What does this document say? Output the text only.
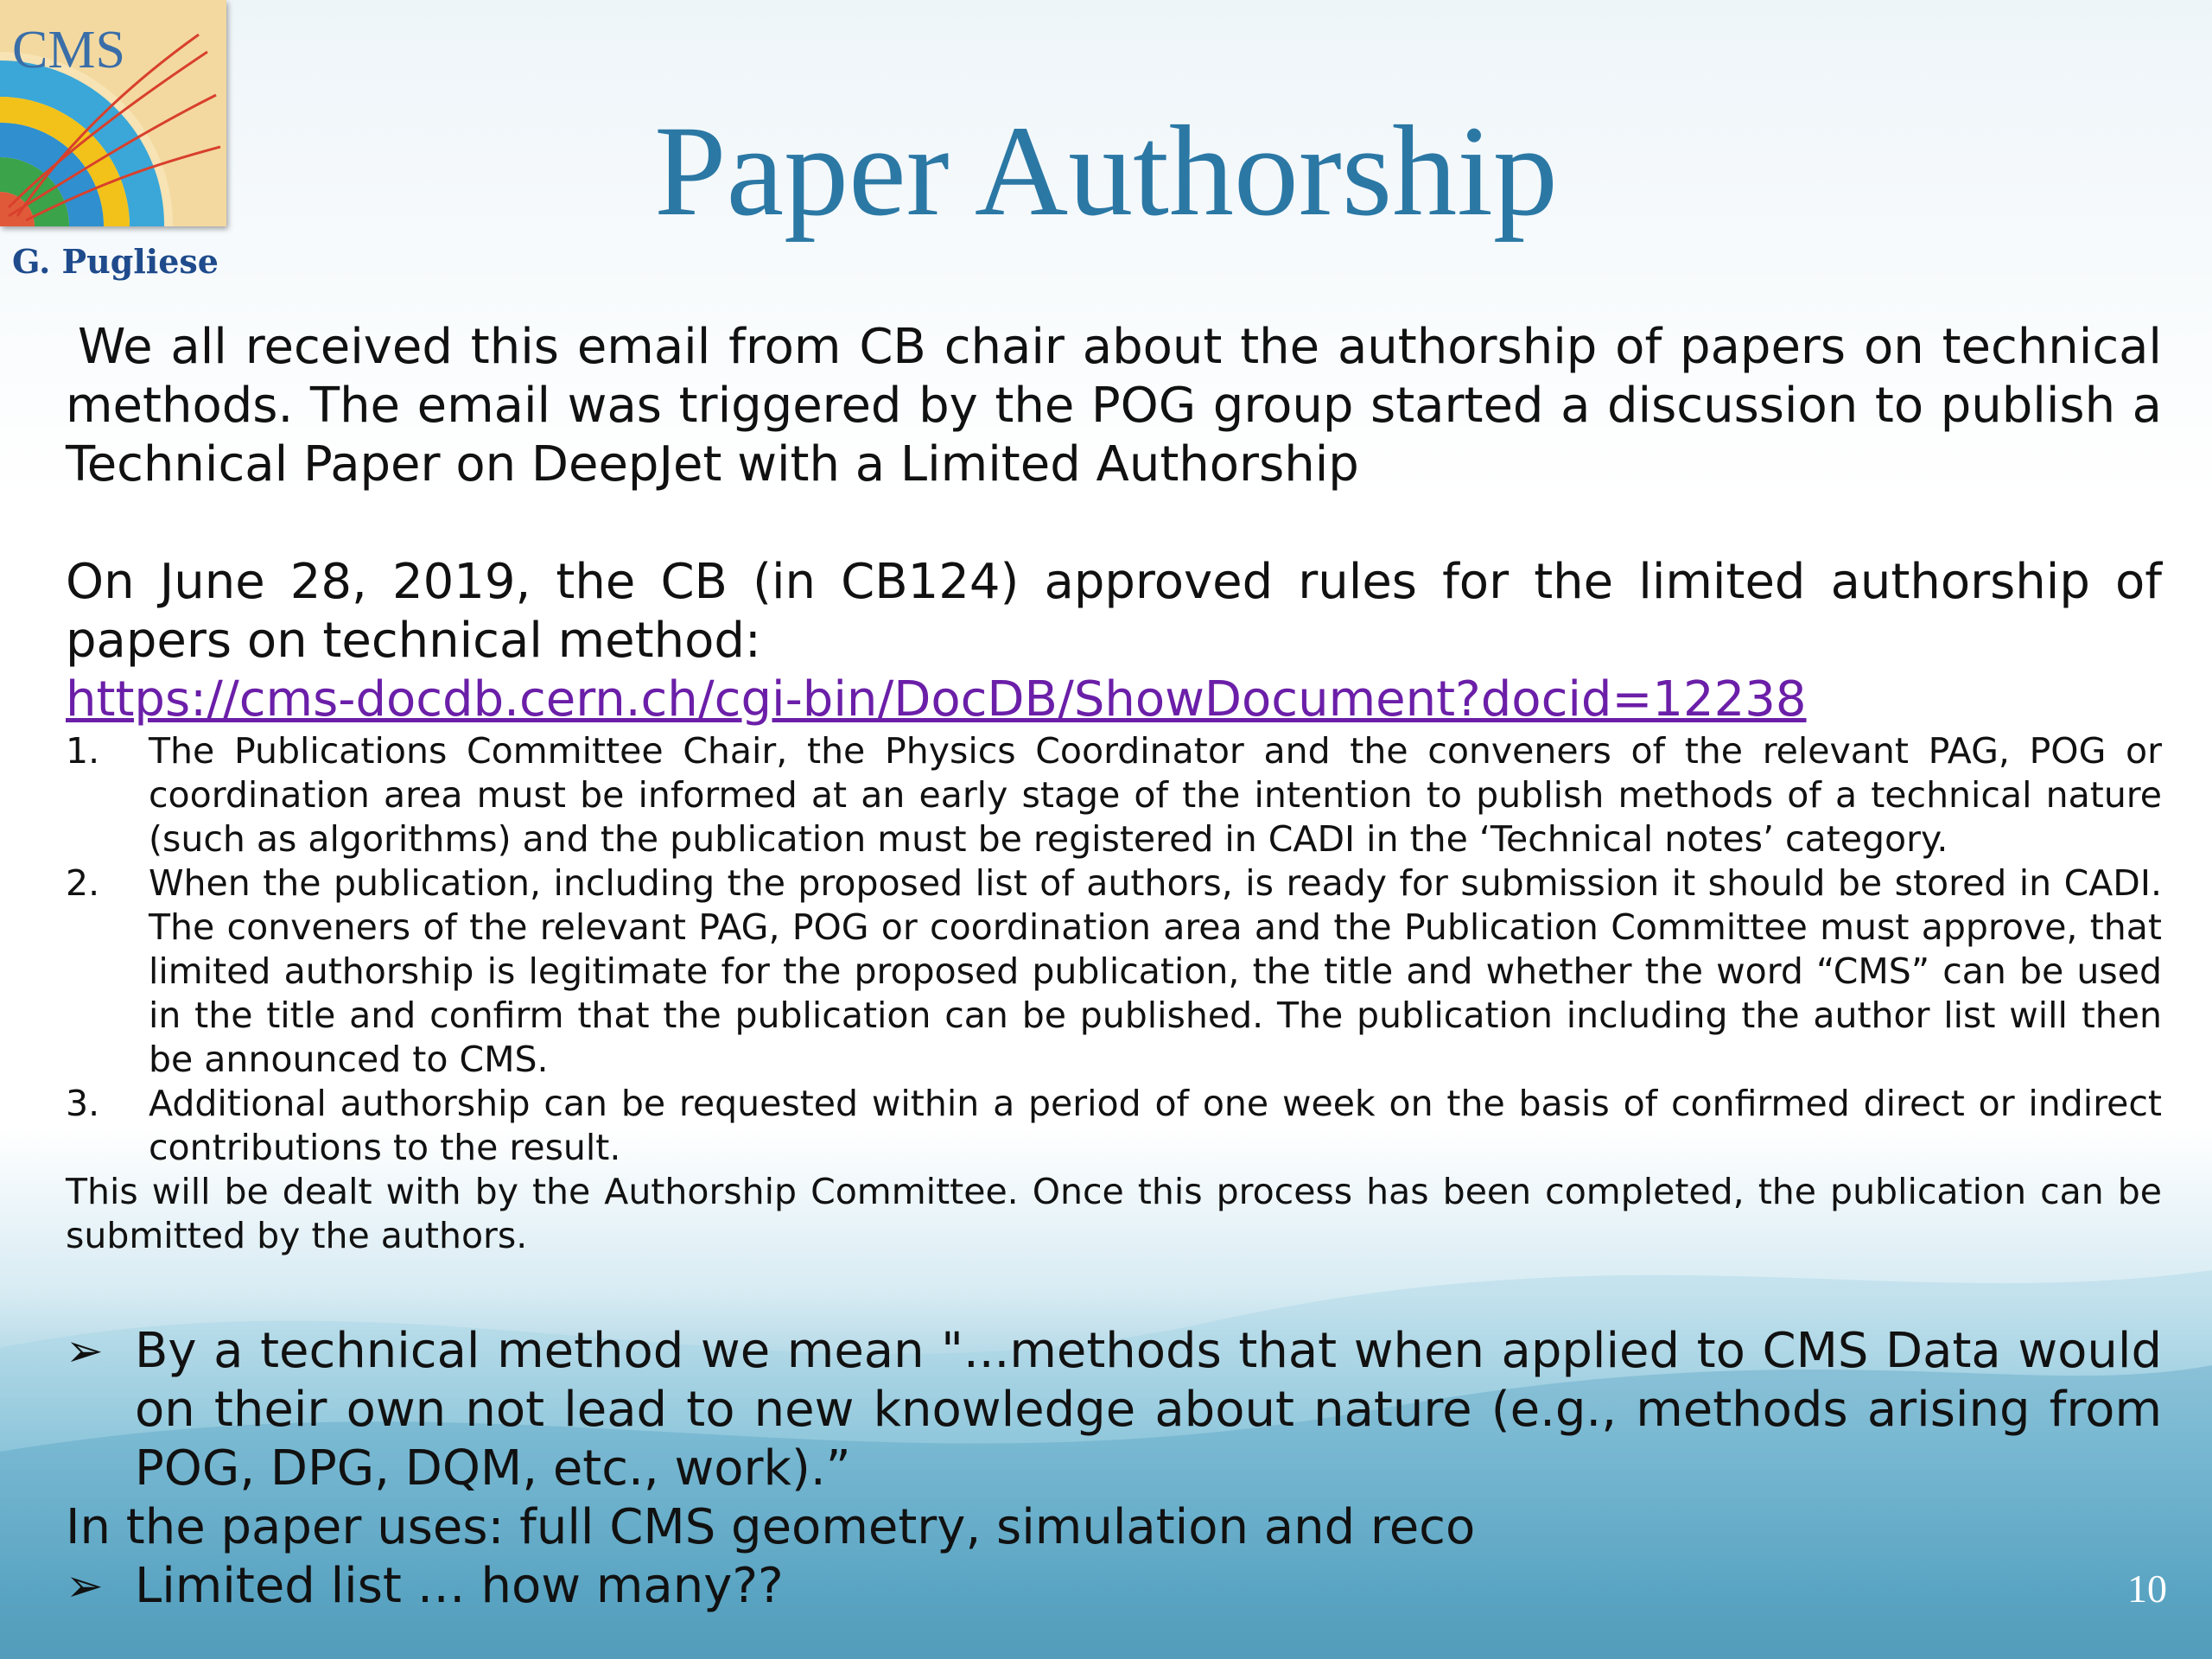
CMS
G. Pugliese
Paper Authorship

We all received this email from CB chair about the authorship of papers on technical methods. The email was triggered by the POG group started a discussion to publish a Technical Paper on DeepJet with a Limited Authorship

On June 28, 2019, the CB (in CB124) approved rules for the limited authorship of papers on technical method:

https://cms-docdb.cern.ch/cgi-bin/DocDB/ShowDocument?docid=12238
1. The Publications Committee Chair, the Physics Coordinator and the conveners of the relevant PAG, POG or coordination area must be informed at an early stage of the intention to publish methods of a technical nature (such as algorithms) and the publication must be registered in CADI in the ‘Technical notes’ category.
2. When the publication, including the proposed list of authors, is ready for submission it should be stored in CADI. The conveners of the relevant PAG, POG or coordination area and the Publication Committee must approve, that limited authorship is legitimate for the proposed publication, the title and whether the word “CMS” can be used in the title and confirm that the publication can be published. The publication including the author list will then be announced to CMS.
3. Additional authorship can be requested within a period of one week on the basis of confirmed direct or indirect contributions to the result.

This will be dealt with by the Authorship Committee. Once this process has been completed, the publication can be submitted by the authors.

➢ By a technical method we mean "...methods that when applied to CMS Data would on their own not lead to new knowledge about nature (e.g., methods arising from POG, DPG, DQM, etc., work).”
In the paper uses: full CMS geometry, simulation and reco
➢ Limited list … how many??	10
